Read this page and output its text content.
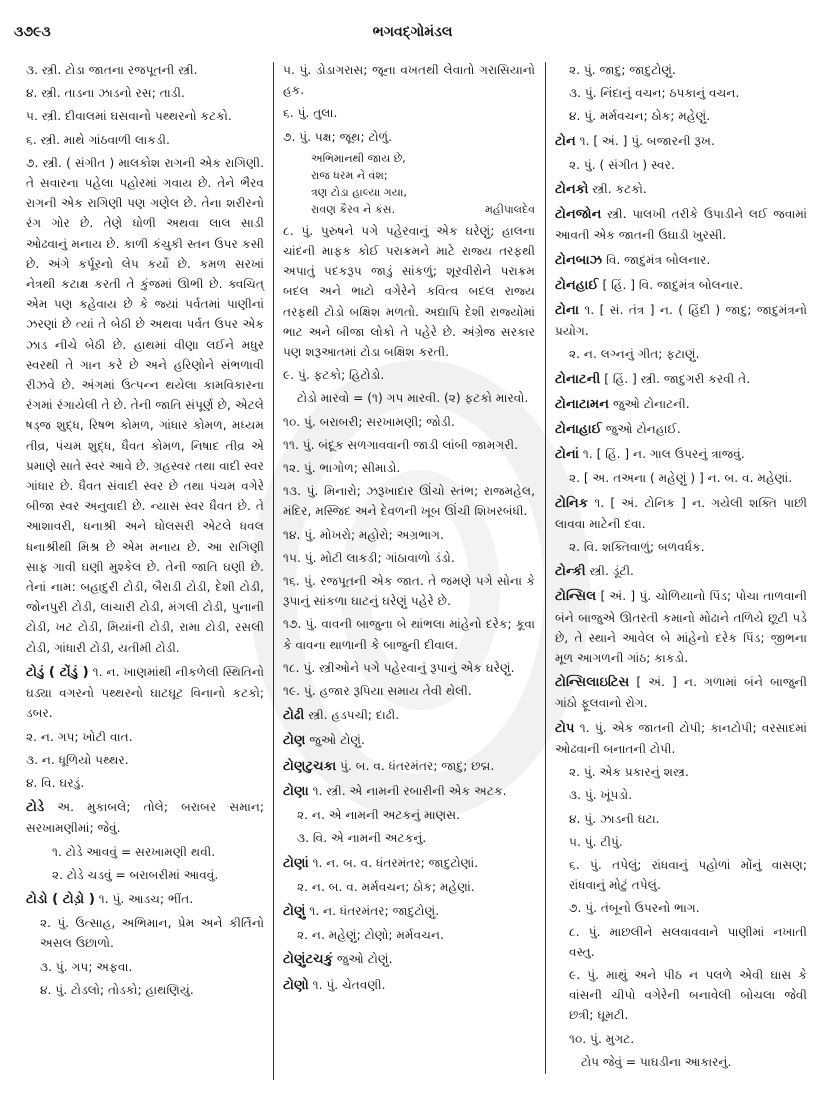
૩૭૯૩	ભગવદ્ગોમંડલ
૩. સ્ત્રી. ટોડા જાતના રજપૂતની સ્ત્રી.
૪. સ્ત્રી. તાડના ઝાડનો રસ; તાડી.
૫. સ્ત્રી. દીવાલમાં ઘસવાનો પથ્થરનો કટકો.
૬. સ્ત્રી. માથે ગાંઠવાળી લાકડી.
૭. સ્ત્રી. ( સંગીત ) માલકોશ રાગની એક રાગિણી. તે સવારના પહેલા પહોરમાં ગવાય છે. તેને ભૈરવ રાગની એક રાગિણી પણ ગણેલ છે. તેના શરીરનો રંગ ગોર છે. તેણે ધોળી અથવા લાલ સાડી ઓઢવાનું મનાય છે. કાળી કંચુકી સ્તન ઉપર કસી છે. અંગે કર્પૂરનો લેપ કર્યો છે. કમળ સરખાં નેત્રથી કટાક્ષ કરતી તે કુંજમાં ઊભી છે. ક્વચિત્ એમ પણ કહેવાય છે કે જ્યાં પર્વતમાં પાણીનાં ઝરણાં છે ત્યાં તે બેઠી છે અથવા પર્વત ઉપર એક ઝાડ નીચે બેઠી છે. હાથમાં વીણા લઈને મધુર સ્વરથી તે ગાન કરે છે અને હરિણોને સંભળાવી રીઝવે છે. અંગમાં ઉત્પન્ન થયેલા કામવિકારના રંગમાં રંગાયેલી તે છે. તેની જાતિ સંપૂર્ણ છે, એટલે ષડ્જ શુદ્ધ, રિષભ કોમળ, ગાંધાર કોમળ, મધ્યમ તીવ્ર, પંચમ શુદ્ધ, ધૈવત કોમળ, નિષાદ તીવ્ર એ પ્રમાણે સાતે સ્વર આવે છે. ગ્રહસ્વર તથા વાદી સ્વર ગાંધાર છે. ધૈવત સંવાદી સ્વર છે તથા પંચમ વગેરે બીજા સ્વર અનુવાદી છે. ન્યાસ સ્વર ધૈવત છે. તે આશાવરી, ધનાશ્રી અને ધોલસરી એટલે ધવલ ધનાશ્રીથી મિશ્ર છે એમ મનાય છે. આ રાગિણી સાફ ગાવી ઘણી મુશ્કેલ છે. તેની જાતિ ઘણી છે. તેનાં નામ: બહાદુરી ટોડી, બૈરાડી ટોડી, દેશી ટોડી, જોનપુરી ટોડી, લાચારી ટોડી, મંગલી ટોડી, પુનાની ટોડી, ખટ ટોડી, મિયાંની ટોડી, રામા ટોડી, રસલી ટોડી, ગાંધારી ટોડી, યતીમી ટોડી.
ટોડું ( ટોંડું ) ૧. ન. ખાણમાંથી નીકળેલી સ્થિતિનો ઘડ્યા વગરનો પથ્થરનો ઘાટઘૂટ વિનાનો કટકો; ડબર.
૨. ન. ગપ; ખોટી વાત.
૩. ન. ધૂળિયો પથ્થર.
૪. વિ. ઘરડું.
ટોડે અ. મુકાબલે; તોલે; બરાબર સમાન; સરખામણીમાં; જેવું.
૧. ટોડે આવવું = સરખામણી થવી.
૨. ટોડે ચડવું = બરાબરીમાં આવવું.
ટોડો ( ટોડ઼ો ) ૧. પું. આડચ; ભીંત.
૨. પું. ઉત્સાહ, અભિમાન, પ્રેમ અને કીર્તિનો અસલ ઉછાળો.
૩. પું. ગપ; અફવા.
૪. પું. ટોડલો; તોડકો; હાથણિયું.
૫. પું. ડોડાગરાસ; જૂના વખતથી લેવાતો ગરાસિયાનો હક.
૬. પું. તુલા.
૭. પું. પક્ષ; જૂથ; ટોળું.
અભિમાનથી જાય છે,
રાજ ધરમ ને વંશ;
ત્રણ ટોડા હાલ્યા ગયા,
રાવણ કૈરવ ને કંસ.	મહીપાલદેવ
૮. પું. પુરુષને પગે પહેરવાનું એક ઘરેણું; હાલના ચાંદની માફક કોઈ પરાક્રમને માટે રાજ્ય તરફથી અપાતું પદકરૂપ જાડું સાંકળું; શૂરવીરોને પરાક્રમ બદલ અને ભાટો વગેરેને કવિત્વ બદલ રાજ્ય તરફથી ટોડો બક્ષિશ મળતો. અદ્યાપિ દેશી રાજ્યોમાં ભાટ અને બીજા લોકો તે પહેરે છે. અંગ્રેજ સરકાર પણ શરૂઆતમાં ટોડા બક્ષિશ કરતી.
૯. પું. ફટકો; હિટોડો.
ટોડો મારવો = (૧) ગપ મારવી. (૨) ફટકો મારવો.
૧૦. પું. બરાબરી; સરખામણી; જોડી.
૧૧. પું. બંદૂક સળગાવવાની જાડી લાંબી જામગરી.
૧૨. પું. ભાગોળ; સીમાડો.
૧૩. પું. મિનારો; ઝરૂખાદાર ઊંચો સ્તંભ; રાજમહેલ, મંદિર, મસ્જિદ અને દેવળની ખૂબ ઊંચી શિખરબંધી.
૧૪. પું. મોખરો; મહોરો; અગ્રભાગ.
૧૫. પું. મોટી લાકડી; ગાંઠાવાળો ડંડો.
૧૬. પું. રજપૂતની એક જાત. તે જમણે પગે સોના કે રૂપાનું સાંકળા ઘાટનું ઘરેણું પહેરે છે.
૧૭. પું. વાવની બાજુના બે થાંભલા માંહેનો દરેક; કૂવા કે વાવના થાળાની કે બાજુની દીવાલ.
૧૮. પું. સ્ત્રીઓને પગે પહેરવાનું રૂપાનું એક ઘરેણું.
૧૯. પું. હજાર રૂપિયા સમાય તેવી થેલી.
ટોઢી સ્ત્રી. હડપચી; દાઢી.
ટોણ જુઓ ટોણું.
ટોણટુચકા પું. બ. વ. ધંતરમંતર; જાદુ; છદ્મ.
ટોણા ૧. સ્ત્રી. એ નામની રબારીની એક અટક.
૨. ન. એ નામની અટકનું માણસ.
૩. વિ. એ નામની અટકનું.
ટોણાં ૧. ન. બ. વ. ધંતરમંતર; જાદુટોણાં.
૨. ન. બ. વ. મર્મવચન; ઠોક; મહેણાં.
ટોણું ૧. ન. ધંતરમંતર; જાદુટોણું.
૨. ન. મહેણું; ટોણો; મર્મવચન.
ટોણુંટચકું જુઓ ટોણું.
ટોણો ૧. પું. ચેતવણી.
૨. પું. જાદુ; જાદુટોણું.
૩. પું. નિંદાનું વચન; ઠપકાનું વચન.
૪. પું. મર્મવચન; ઠોક; મહેણું.
ટોન ૧. [ અં. ] પું. બજારની રૂખ.
૨. પું. ( સંગીત ) સ્વર.
ટોનકો સ્ત્રી. કટકો.
ટોનજોન સ્ત્રી. પાલખી તરીકે ઉપાડીને લઈ જવામાં આવતી એક જાતની ઉઘાડી ખુરસી.
ટોનબાઝ વિ. જાદુમંત્ર બોલનાર.
ટોનહાઈ [ હિં. ] વિ. જાદુમંત્ર બોલનાર.
ટોના ૧. [ સં. તંત્ર ] ન. ( હિંદી ) જાદુ; જાદુમંત્રનો પ્રયોગ.
૨. ન. લગ્નનું ગીત; ફટાણું.
ટોનાટની [ હિં. ] સ્ત્રી. જાદુગરી કરવી તે.
ટોનાટામન જુઓ ટોનાટની.
ટોનાહાઈ જુઓ ટોનહાઈ.
ટોનાં ૧. [ હિં. ] ન. ગાલ ઉપરનું ત્રાજવું.
૨. [ અ. તઅના ( મહેણું ) ] ન. બ. વ. મહેણાં.
ટોનિક ૧. [ અં. ટોનિક ] ન. ગયેલી શક્તિ પાછી લાવવા માટેની દવા.
૨. વિ. શક્તિવાળું; બળવર્ધક.
ટોન્કી સ્ત્રી. ડૂંટી.
ટોન્સિલ [ અં. ] પું. ચોળિયાનો પિંડ; પોચા તાળવાની બંને બાજુએ ઊતરતી કમાનો મોઢાને તળિયે છૂટી પડે છે, તે સ્થાને આવેલ બે માંહેનો દરેક પિંડ; જીભના મૂળ આગળની ગાંઠ; કાકડો.
ટોન્સિલાઇટિસ [ અં. ] ન. ગળામાં બંને બાજુની ગાંઠો ફૂલવાનો રોગ.
ટોપ ૧. પું. એક જાતની ટોપી; કાનટોપી; વરસાદમાં ઓઢવાની બનાતની ટોપી.
૨. પું. એક પ્રકારનું શસ્ત્ર.
૩. પું. ખૂંપડો.
૪. પું. ઝાડની ઘટા.
૫. પું. ટીપું.
૬. પું. તપેલું; રાંધવાનું પહોળાં મોંનું વાસણ; રાંધવાનું મોટું તપેલું.
૭. પું. તંબૂનો ઉપરનો ભાગ.
૮. પું. માછલીને સલવાવવાને પાણીમાં નખાતી વસ્તુ.
૯. પું. માથું અને પીઠ ન પલળે એવી ઘાસ કે વાંસની ચીપો વગેરેની બનાવેલી બોચલા જેવી છત્રી; ઘૂમટી.
૧૦. પું. મુગટ.
ટોપ જેવું = પાઘડીના આકારનું.
